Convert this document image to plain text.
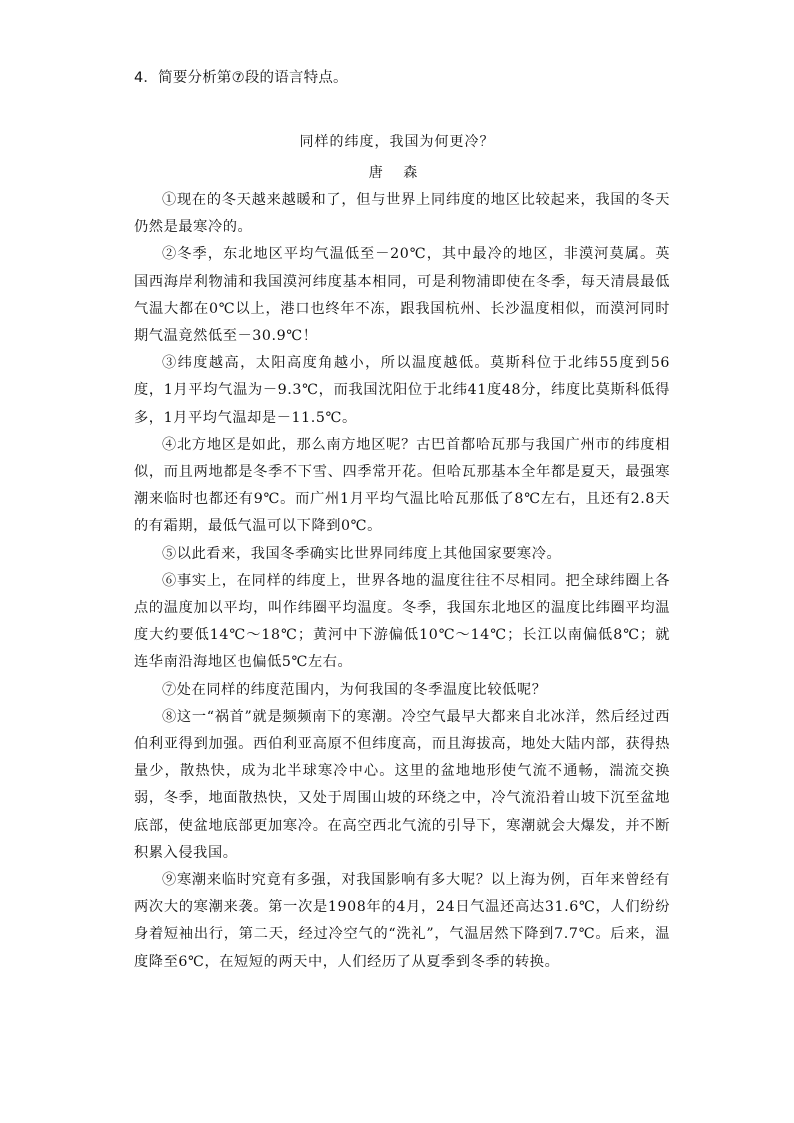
4．简要分析第⑦段的语言特点。
同样的纬度，我国为何更冷？
唐 森

①现在的冬天越来越暖和了，但与世界上同纬度的地区比较起来，我国的冬天仍然是最寒冷的。

②冬季，东北地区平均气温低至－20℃，其中最冷的地区，非漠河莫属。英国西海岸利物浦和我国漠河纬度基本相同，可是利物浦即使在冬季，每天清晨最低气温大都在0℃以上，港口也终年不冻，跟我国杭州、长沙温度相似，而漠河同时期气温竟然低至－30.9℃！

③纬度越高，太阳高度角越小，所以温度越低。莫斯科位于北纬55度到56度，1月平均气温为－9.3℃，而我国沈阳位于北纬41度48分，纬度比莫斯科低得多，1月平均气温却是－11.5℃。

④北方地区是如此，那么南方地区呢？古巴首都哈瓦那与我国广州市的纬度相似，而且两地都是冬季不下雪、四季常开花。但哈瓦那基本全年都是夏天，最强寒潮来临时也都还有9℃。而广州1月平均气温比哈瓦那低了8℃左右，且还有2.8天的有霜期，最低气温可以下降到0℃。

⑤以此看来，我国冬季确实比世界同纬度上其他国家要寒冷。

⑥事实上，在同样的纬度上，世界各地的温度往往不尽相同。把全球纬圈上各点的温度加以平均，叫作纬圈平均温度。冬季，我国东北地区的温度比纬圈平均温度大约要低14℃～18℃；黄河中下游偏低10℃～14℃；长江以南偏低8℃；就连华南沿海地区也偏低5℃左右。

⑦处在同样的纬度范围内，为何我国的冬季温度比较低呢？

⑧这一“祸首”就是频频南下的寒潮。冷空气最早大都来自北冰洋，然后经过西伯利亚得到加强。西伯利亚高原不但纬度高，而且海拔高，地处大陆内部，获得热量少，散热快，成为北半球寒冷中心。这里的盆地地形使气流不通畅，湍流交换弱，冬季，地面散热快，又处于周围山坡的环绕之中，冷气流沿着山坡下沉至盆地底部，使盆地底部更加寒冷。在高空西北气流的引导下，寒潮就会大爆发，并不断积累入侵我国。

⑨寒潮来临时究竟有多强，对我国影响有多大呢？以上海为例，百年来曾经有两次大的寒潮来袭。第一次是1908年的4月，24日气温还高达31.6℃，人们纷纷身着短袖出行，第二天，经过冷空气的“洗礼”，气温居然下降到7.7℃。后来，温度降至6℃，在短短的两天中，人们经历了从夏季到冬季的转换。
